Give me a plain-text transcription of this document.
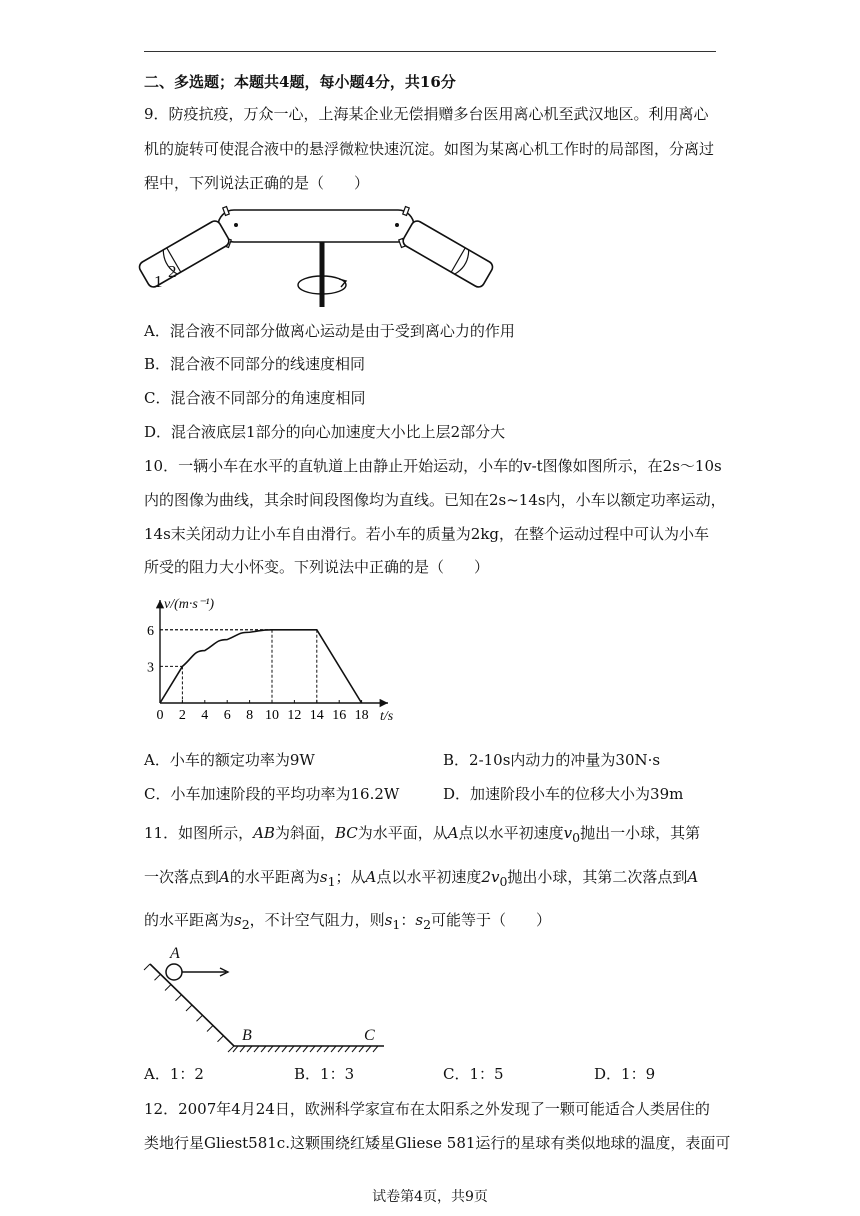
二、多选题；本题共4题，每小题4分，共16分
9．防疫抗疫，万众一心，上海某企业无偿捐赠多台医用离心机至武汉地区。利用离心
机的旋转可使混合液中的悬浮微粒快速沉淀。如图为某离心机工作时的局部图，分离过
程中，下列说法正确的是（　　）
1
2
A．混合液不同部分做离心运动是由于受到离心力的作用
B．混合液不同部分的线速度相同
C．混合液不同部分的角速度相同
D．混合液底层1部分的向心加速度大小比上层2部分大
10．一辆小车在水平的直轨道上由静止开始运动，小车的v-t图像如图所示，在2s～10s
内的图像为曲线，其余时间段图像均为直线。已知在2s~14s内，小车以额定功率运动，
14s末关闭动力让小车自由滑行。若小车的质量为2kg，在整个运动过程中可认为小车
所受的阻力大小怀变。下列说法中正确的是（　　）
0 2 4 6 8 10 12 14 16 18
3
6
v/(m·s⁻¹)
t/s
A．小车的额定功率为9W	B．2-10s内动力的冲量为30N·s
C．小车加速阶段的平均功率为16.2W	D．加速阶段小车的位移大小为39m
11．如图所示，AB为斜面，BC为水平面，从A点以水平初速度$v_0$抛出一小球，其第
一次落点到A的水平距离为$s_1$；从A点以水平初速度$2v_0$抛出小球，其第二次落点到A
的水平距离为$s_2$，不计空气阻力，则$s_1$：$s_2$可能等于（　　）
A
B	C
A．1：2	B．1：3	C．1：5	D．1：9
12．2007年4月24日，欧洲科学家宣布在太阳系之外发现了一颗可能适合人类居住的
类地行星Gliest581c.这颗围绕红矮星Gliese 581运行的星球有类似地球的温度，表面可
试卷第4页，共9页
